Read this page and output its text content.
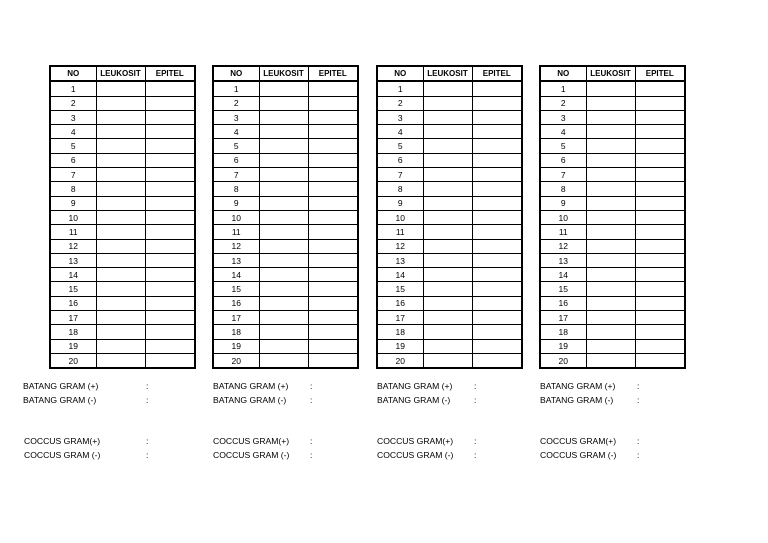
NO	LEUKOSIT	EPITEL
1		
2		
3		
4		
5		
6		
7		
8		
9		
10		
11		
12		
13		
14		
15		
16		
17		
18		
19		
20		
BATANG GRAM (+)	:
BATANG GRAM (-)	:
COCCUS GRAM(+)	:
COCCUS GRAM (-)	:
NO	LEUKOSIT	EPITEL
1		
2		
3		
4		
5		
6		
7		
8		
9		
10		
11		
12		
13		
14		
15		
16		
17		
18		
19		
20		
BATANG GRAM (+)	:
BATANG GRAM (-)	:
COCCUS GRAM(+) :
COCCUS GRAM (-) :
NO	LEUKOSIT	EPITEL
1		
2		
3		
4		
5		
6		
7		
8		
9		
10		
11		
12		
13		
14		
15		
16		
17		
18		
19		
20		
BATANG GRAM (+)	:
BATANG GRAM (-)	:
COCCUS GRAM(+) :
COCCUS GRAM (-) :
NO	LEUKOSIT	EPITEL
1		
2		
3		
4		
5		
6		
7		
8		
9		
10		
11		
12		
13		
14		
15		
16		
17		
18		
19		
20		
BATANG GRAM (+)	:
BATANG GRAM (-)	:
COCCUS GRAM(+) :
COCCUS GRAM (-) :
